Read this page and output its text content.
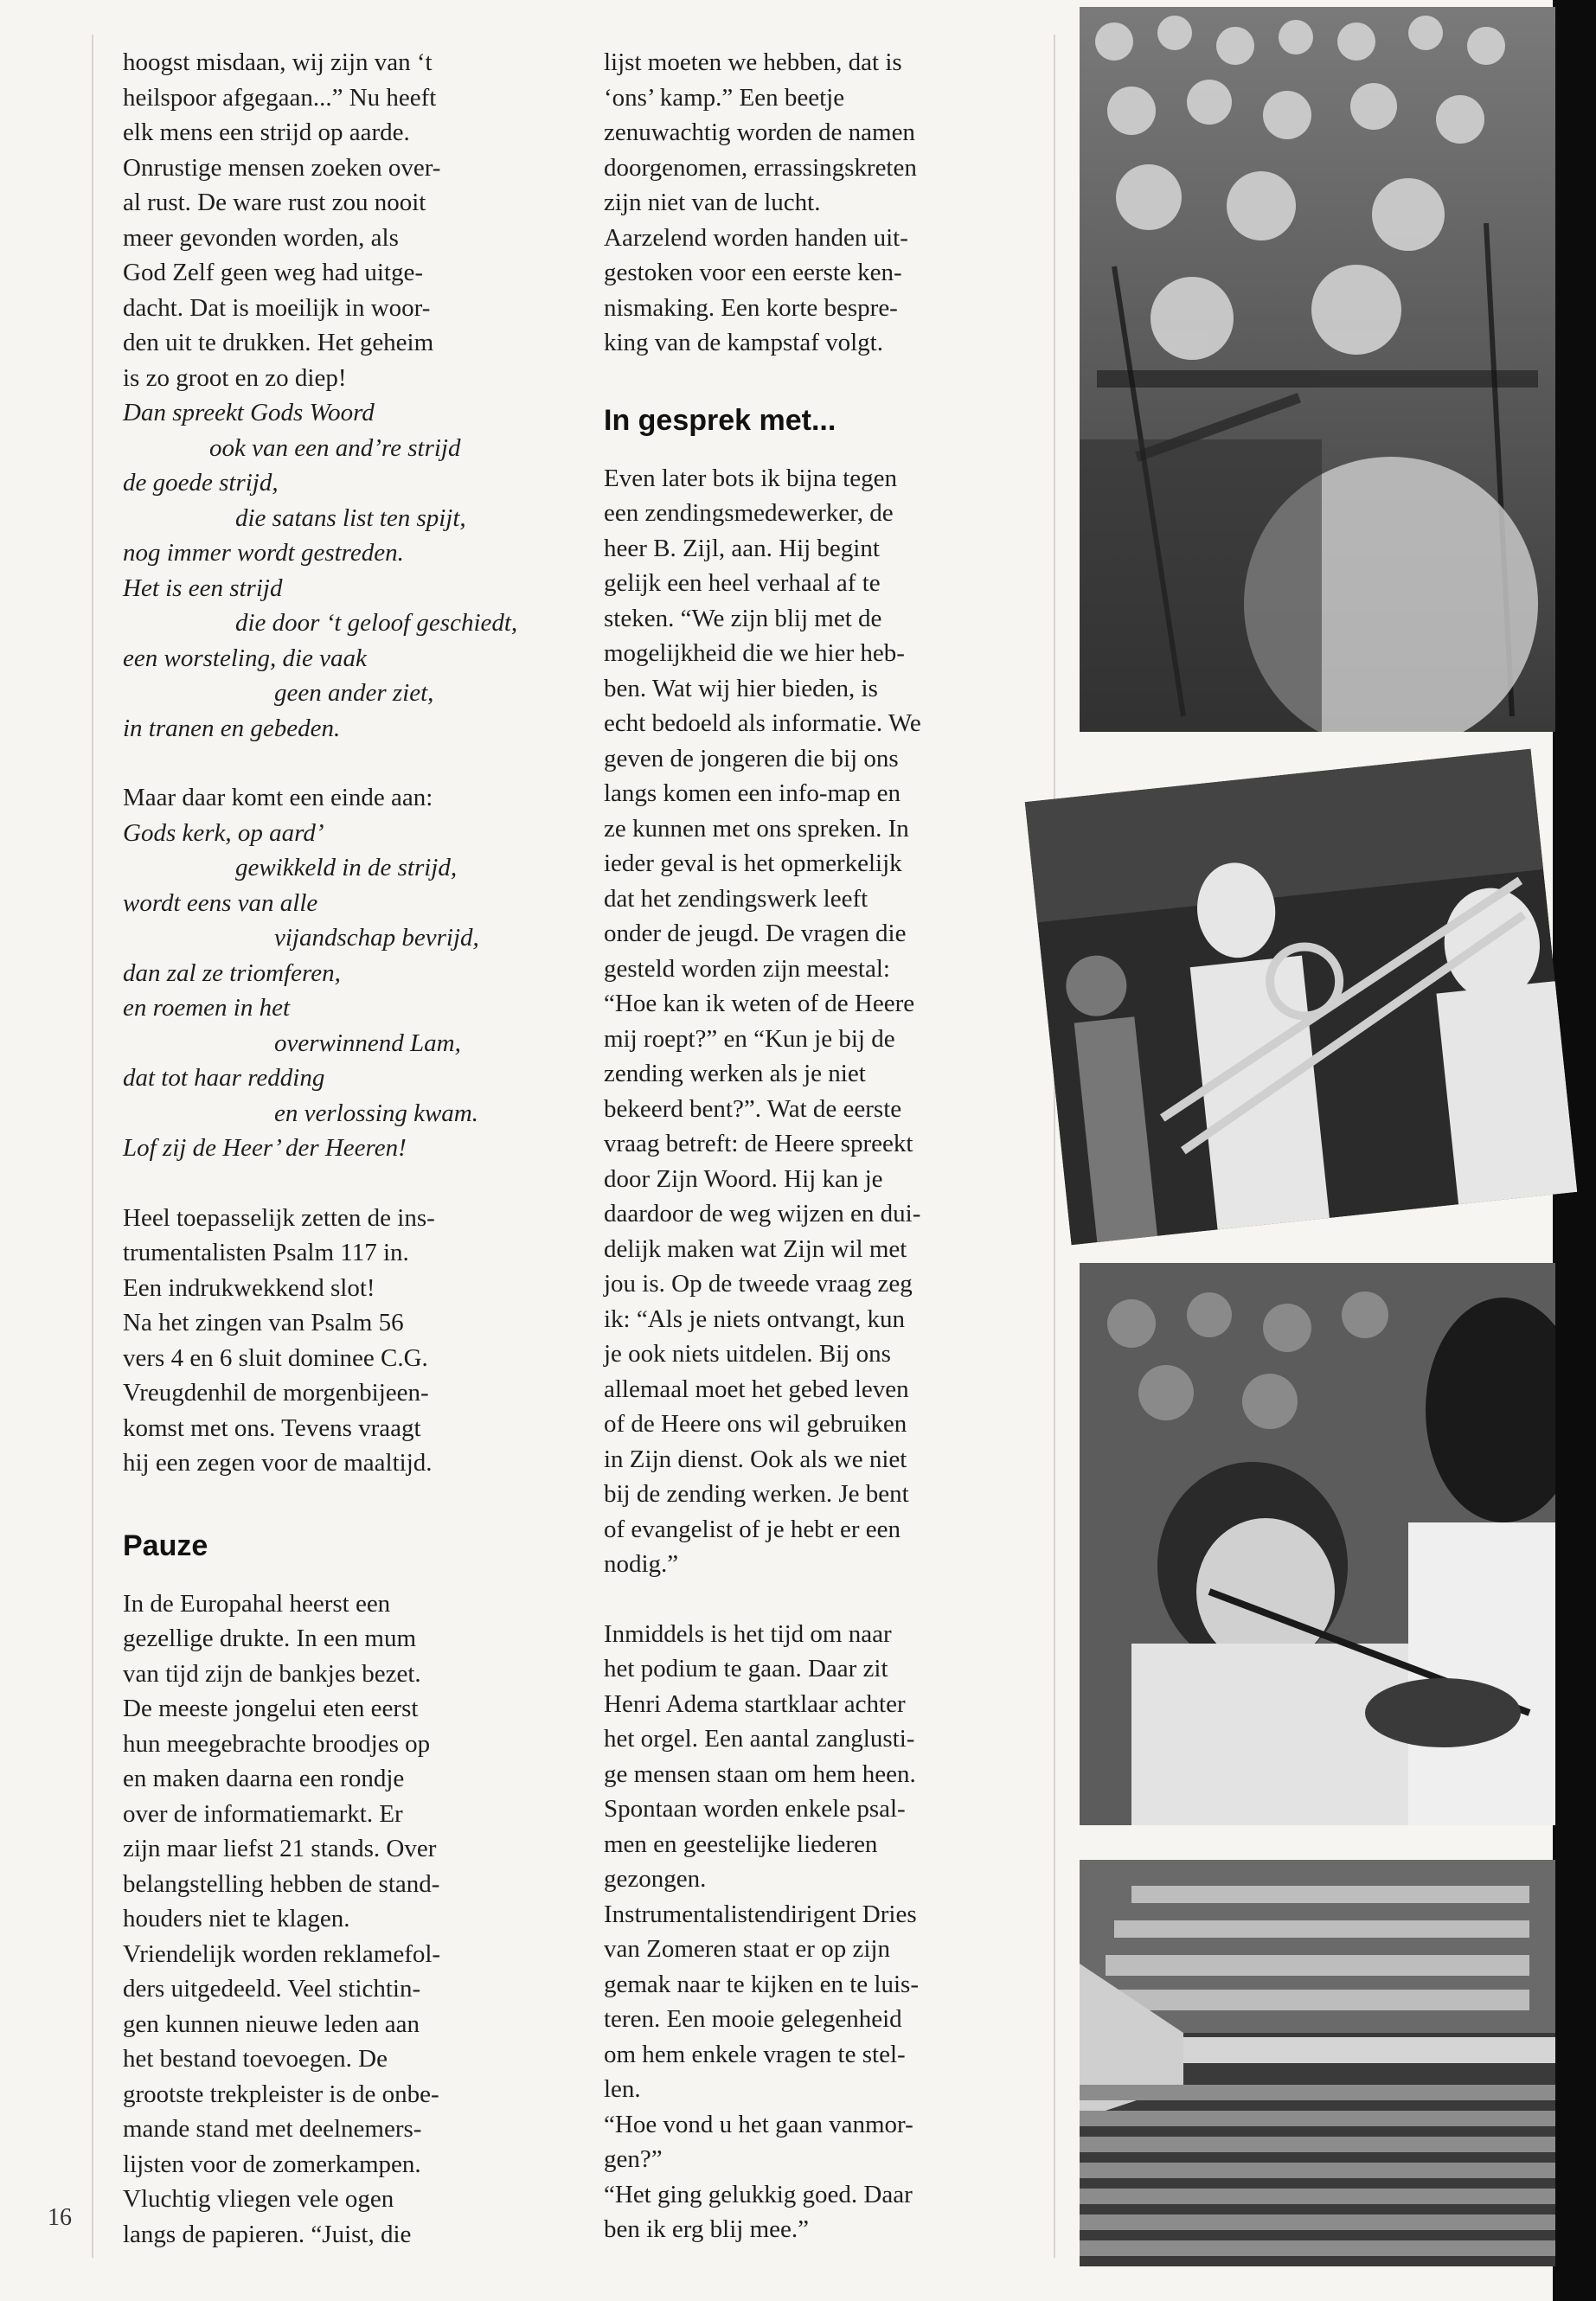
16

hoogst misdaan, wij zijn van ‘t

heilspoor afgegaan...” Nu heeft

elk mens een strijd op aarde.

Onrustige mensen zoeken over-

al rust. De ware rust zou nooit

meer gevonden worden, als

God Zelf geen weg had uitge-

dacht. Dat is moeilijk in woor-

den uit te drukken. Het geheim

is zo groot en zo diep!

Dan spreekt Gods Woord

ook van een and’re strijd

de goede strijd,

die satans list ten spijt,

nog immer wordt gestreden.

Het is een strijd

die door ‘t geloof geschiedt,

een worsteling, die vaak

geen ander ziet,

in tranen en gebeden.

Maar daar komt een einde aan:

Gods kerk, op aard’

gewikkeld in de strijd,

wordt eens van alle

vijandschap bevrijd,

dan zal ze triomferen,

en roemen in het

overwinnend Lam,

dat tot haar redding

en verlossing kwam.

Lof zij de Heer’ der Heeren!

Heel toepasselijk zetten de ins-

trumentalisten Psalm 117 in.

Een indrukwekkend slot!

Na het zingen van Psalm 56

vers 4 en 6 sluit dominee C.G.

Vreugdenhil de morgenbijeen-

komst met ons. Tevens vraagt

hij een zegen voor de maaltijd.

Pauze

In de Europahal heerst een

gezellige drukte. In een mum

van tijd zijn de bankjes bezet.

De meeste jongelui eten eerst

hun meegebrachte broodjes op

en maken daarna een rondje

over de informatiemarkt. Er

zijn maar liefst 21 stands. Over

belangstelling hebben de stand-

houders niet te klagen.

Vriendelijk worden reklamefol-

ders uitgedeeld. Veel stichtin-

gen kunnen nieuwe leden aan

het bestand toevoegen. De

grootste trekpleister is de onbe-

mande stand met deelnemers-

lijsten voor de zomerkampen.

Vluchtig vliegen vele ogen

langs de papieren. “Juist, die

lijst moeten we hebben, dat is

‘ons’ kamp.” Een beetje

zenuwachtig worden de namen

doorgenomen, errassingskreten

zijn niet van de lucht.

Aarzelend worden handen uit-

gestoken voor een eerste ken-

nismaking. Een korte bespre-

king van de kampstaf volgt.

In gesprek met...

Even later bots ik bijna tegen

een zendingsmedewerker, de

heer B. Zijl, aan. Hij begint

gelijk een heel verhaal af te

steken. “We zijn blij met de

mogelijkheid die we hier heb-

ben. Wat wij hier bieden, is

echt bedoeld als informatie. We

geven de jongeren die bij ons

langs komen een info-map en

ze kunnen met ons spreken. In

ieder geval is het opmerkelijk

dat het zendingswerk leeft

onder de jeugd. De vragen die

gesteld worden zijn meestal:

“Hoe kan ik weten of de Heere

mij roept?” en “Kun je bij de

zending werken als je niet

bekeerd bent?”. Wat de eerste

vraag betreft: de Heere spreekt

door Zijn Woord. Hij kan je

daardoor de weg wijzen en dui-

delijk maken wat Zijn wil met

jou is. Op de tweede vraag zeg

ik: “Als je niets ontvangt, kun

je ook niets uitdelen. Bij ons

allemaal moet het gebed leven

of de Heere ons wil gebruiken

in Zijn dienst. Ook als we niet

bij de zending werken. Je bent

of evangelist of je hebt er een

nodig.”

Inmiddels is het tijd om naar

het podium te gaan. Daar zit

Henri Adema startklaar achter

het orgel. Een aantal zanglusti-

ge mensen staan om hem heen.

Spontaan worden enkele psal-

men en geestelijke liederen

gezongen.

Instrumentalistendirigent Dries

van Zomeren staat er op zijn

gemak naar te kijken en te luis-

teren. Een mooie gelegenheid

om hem enkele vragen te stel-

len.

“Hoe vond u het gaan vanmor-

gen?”

“Het ging gelukkig goed. Daar

ben ik erg blij mee.”
